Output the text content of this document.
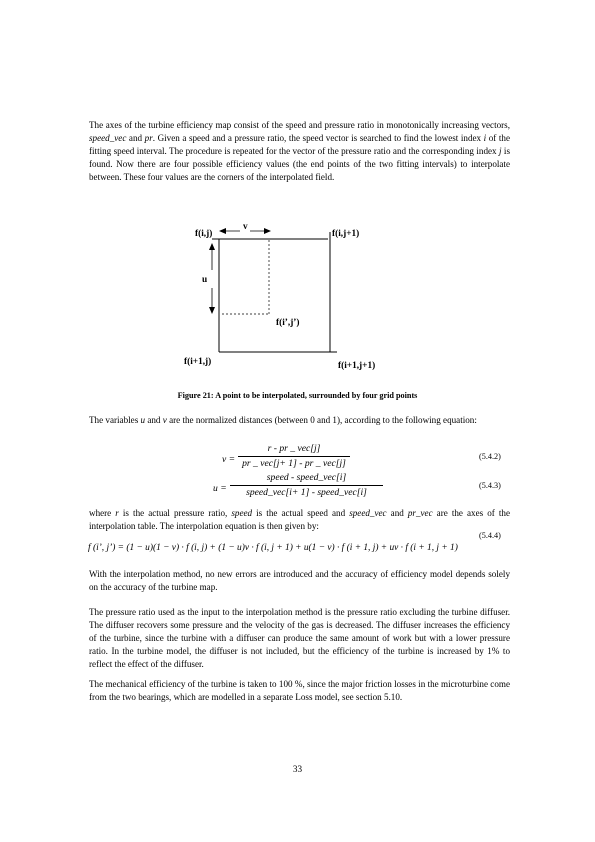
The axes of the turbine efficiency map consist of the speed and pressure ratio in monotonically increasing vectors, speed_vec and pr. Given a speed and a pressure ratio, the speed vector is searched to find the lowest index i of the fitting speed interval. The procedure is repeated for the vector of the pressure ratio and the corresponding index j is found. Now there are four possible efficiency values (the end points of the two fitting intervals) to interpolate between. These four values are the corners of the interpolated field.

f(i,j)	f(i,j+1)
f(i+1,j)	f(i+1,j+1)
f(i’,j’)
v
u
Figure 21: A point to be interpolated, surrounded by four grid points

The variables u and v are the normalized distances (between 0 and 1), according to the following equation:

v =
r - pr _ vec[j]
pr _ vec[j+ 1] - pr _ vec[j]
(5.4.2)
u =
speed - speed_vec[i]
speed_vec[i+ 1] - speed_vec[i]
(5.4.3)

where r is the actual pressure ratio, speed is the actual speed and speed_vec and pr_vec are the axes of the interpolation table. The interpolation equation is then given by:

(5.4.4)
f (i’, j’) = (1 − u)(1 − v) · f (i, j) + (1 − u)v · f (i, j + 1) + u(1 − v) · f (i + 1, j) + uv · f (i + 1, j + 1)

With the interpolation method, no new errors are introduced and the accuracy of efficiency model depends solely on the accuracy of the turbine map.

The pressure ratio used as the input to the interpolation method is the pressure ratio excluding the turbine diffuser. The diffuser recovers some pressure and the velocity of the gas is decreased. The diffuser increases the efficiency of the turbine, since the turbine with a diffuser can produce the same amount of work but with a lower pressure ratio. In the turbine model, the diffuser is not included, but the efficiency of the turbine is increased by 1% to reflect the effect of the diffuser.

The mechanical efficiency of the turbine is taken to 100 %, since the major friction losses in the microturbine come from the two bearings, which are modelled in a separate Loss model, see section 5.10.

33
